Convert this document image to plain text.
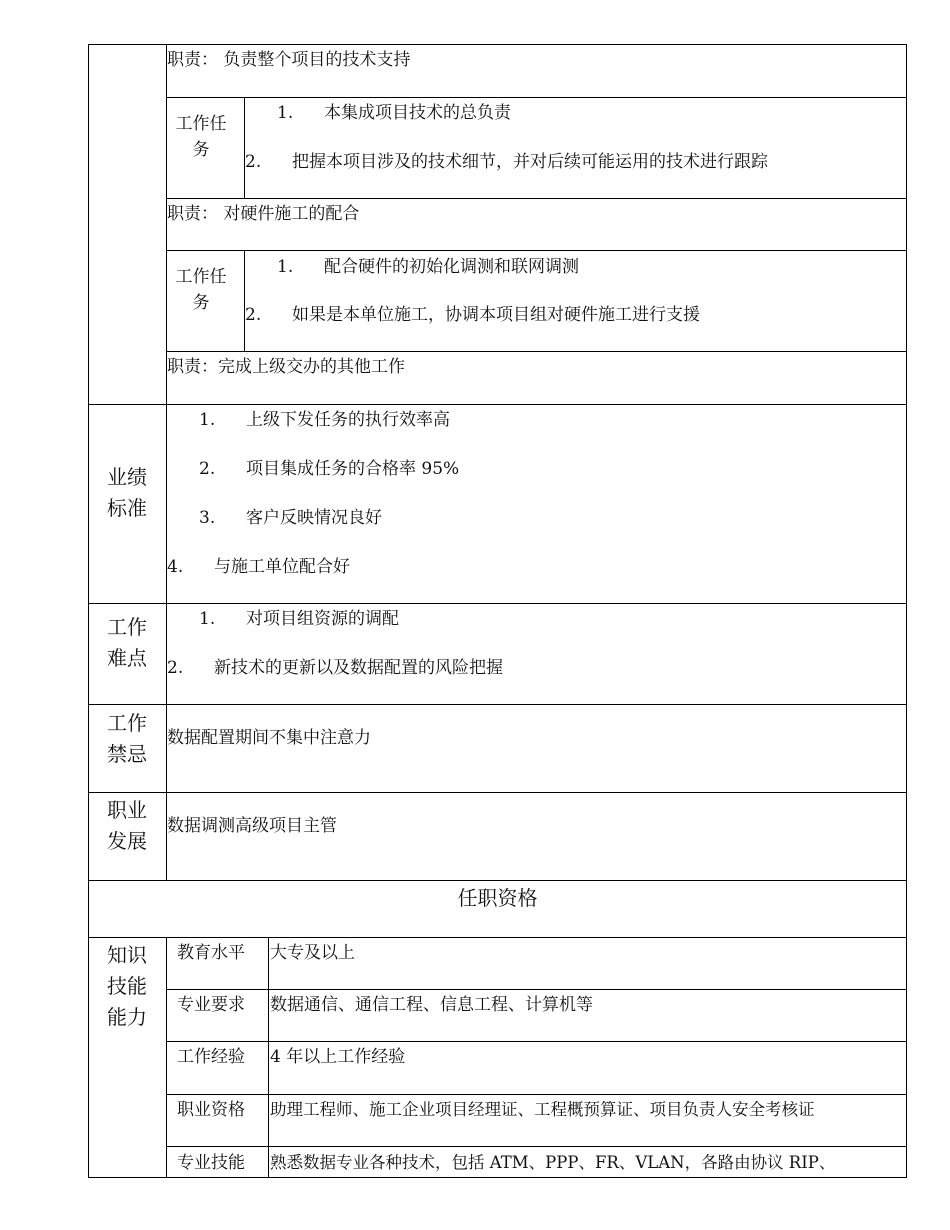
职责： 负责整个项目的技术支持
工作任务
1. 本集成项目技术的总负责
2. 把握本项目涉及的技术细节，并对后续可能运用的技术进行跟踪
职责： 对硬件施工的配合
工作任务
1. 配合硬件的初始化调测和联网调测
2. 如果是本单位施工，协调本项目组对硬件施工进行支援
职责：完成上级交办的其他工作
业绩标准
1. 上级下发任务的执行效率高
2. 项目集成任务的合格率 95%
3. 客户反映情况良好
4. 与施工单位配合好
工作难点
1. 对项目组资源的调配
2. 新技术的更新以及数据配置的风险把握
工作禁忌
数据配置期间不集中注意力
职业发展
数据调测高级项目主管
任职资格
知识技能能力
教育水平 大专及以上
专业要求 数据通信、通信工程、信息工程、计算机等
工作经验 4 年以上工作经验
职业资格 助理工程师、施工企业项目经理证、工程概预算证、项目负责人安全考核证
专业技能 熟悉数据专业各种技术，包括 ATM、PPP、FR、VLAN，各路由协议 RIP、
